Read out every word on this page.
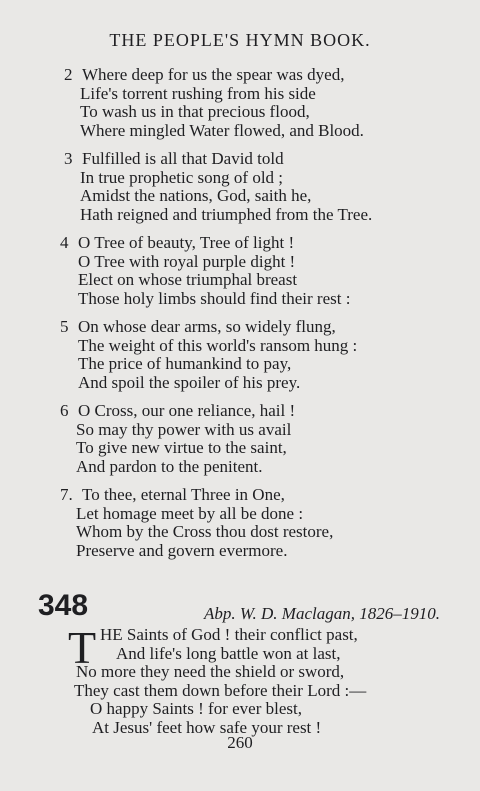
THE PEOPLE'S HYMN BOOK.
2 Where deep for us the spear was dyed,
Life's torrent rushing from his side
To wash us in that precious flood,
Where mingled Water flowed, and Blood.
3 Fulfilled is all that David told
In true prophetic song of old ;
Amidst the nations, God, saith he,
Hath reigned and triumphed from the Tree.
4 O Tree of beauty, Tree of light !
O Tree with royal purple dight !
Elect on whose triumphal breast
Those holy limbs should find their rest :
5 On whose dear arms, so widely flung,
The weight of this world's ransom hung :
The price of humankind to pay,
And spoil the spoiler of his prey.
6 O Cross, our one reliance, hail !
So may thy power with us avail
To give new virtue to the saint,
And pardon to the penitent.
7. To thee, eternal Three in One,
Let homage meet by all be done :
Whom by the Cross thou dost restore,
Preserve and govern evermore.
348	Abp. W. D. Maclagan, 1826–1910.
T HE Saints of God ! their conflict past,
And life's long battle won at last,
No more they need the shield or sword,
They cast them down before their Lord :—
O happy Saints ! for ever blest,
At Jesus' feet how safe your rest !
260
